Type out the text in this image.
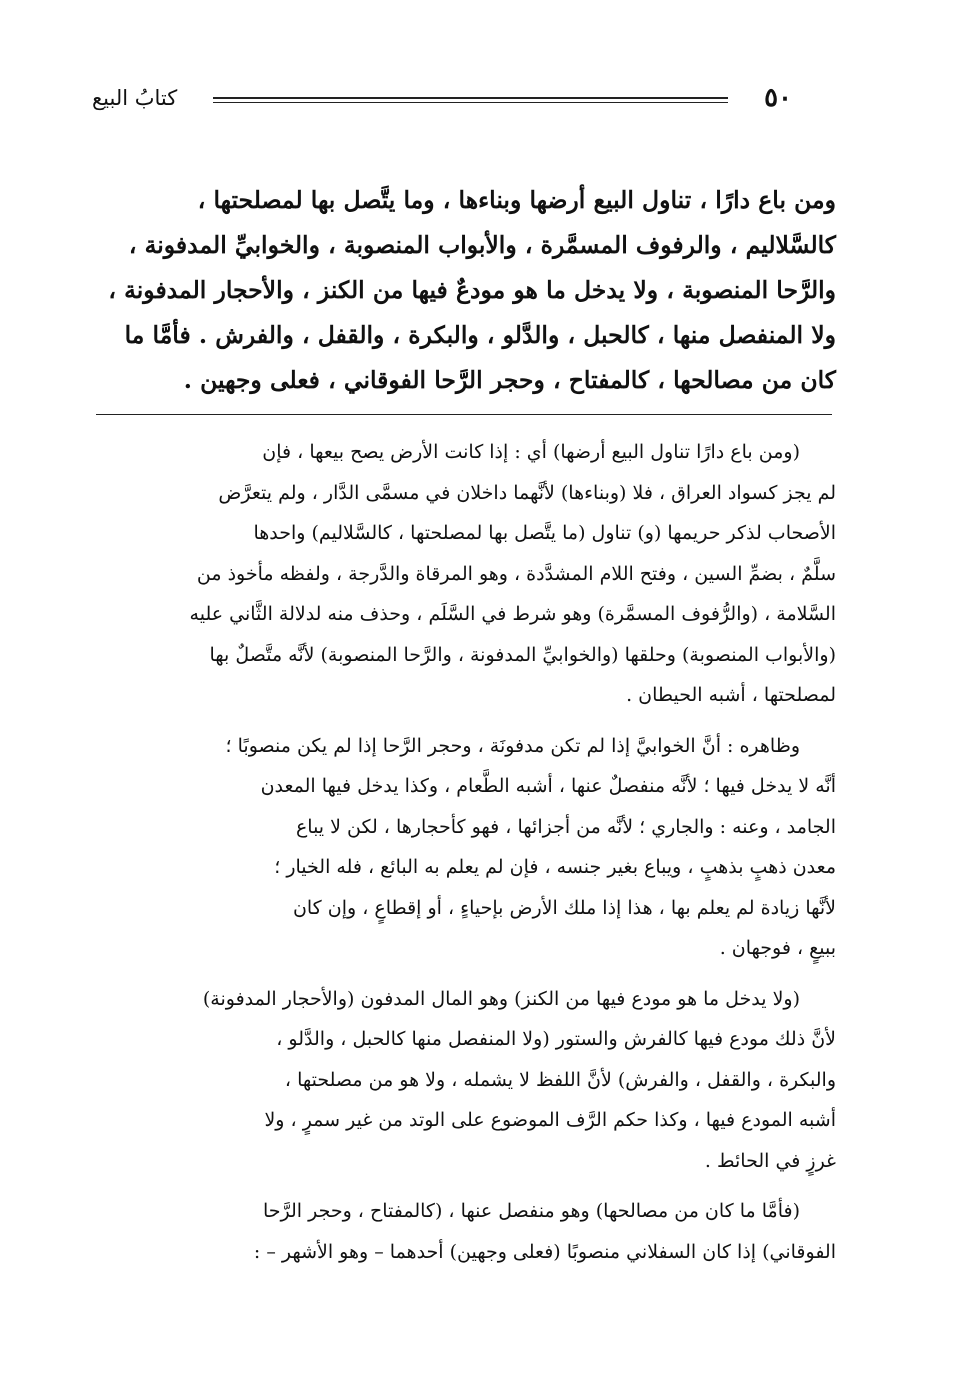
٥٠
كتابُ البيع
ومن باع دارًا ، تناول البيع أرضها وبناءها ، وما يتَّصل بها لمصلحتها ،
كالسَّلاليم ، والرفوف المسمَّرة ، والأبواب المنصوبة ، والخوابيِّ المدفونة ،
والرَّحا المنصوبة ، ولا يدخل ما هو مودعٌ فيها من الكنز ، والأحجار المدفونة ،
ولا المنفصل منها ، كالحبل ، والدَّلو ، والبكرة ، والقفل ، والفرش . فأمَّا ما
كان من مصالحها ، كالمفتاح ، وحجر الرَّحا الفوقاني ، فعلى وجهين .
(ومن باع دارًا تناول البيع أرضها) أي : إذا كانت الأرض يصح بيعها ، فإن
لم يجز كسواد العراق ، فلا (وبناءها) لأنَّهما داخلان في مسمَّى الدَّار ، ولم يتعرَّض
الأصحاب لذكر حريمها (و) تناول (ما يتَّصل بها لمصلحتها ، كالسَّلاليم) واحدها
سلَّمٌ ، بضمِّ السين ، وفتح اللام المشدَّدة ، وهو المرقاة والدَّرجة ، ولفظه مأخوذ من
السَّلامة ، (والرُّفوف المسمَّرة) وهو شرط في السَّلَم ، وحذف منه لدلالة الثَّاني عليه
(والأبواب المنصوبة) وحلقها (والخوابيِّ المدفونة ، والرَّحا المنصوبة) لأنَّه متَّصلٌ بها
لمصلحتها ، أشبه الحيطان .
وظاهره : أنَّ الخوابيَّ إذا لم تكن مدفونَة ، وحجر الرَّحا إذا لم يكن منصوبًا ؛
أنَّه لا يدخل فيها ؛ لأنَّه منفصلٌ عنها ، أشبه الطَّعام ، وكذا يدخل فيها المعدن
الجامد ، وعنه : والجاري ؛ لأنَّه من أجزائها ، فهو كأحجارها ، لكن لا يباع
معدن ذهبٍ بذهبٍ ، ويباع بغير جنسه ، فإن لم يعلم به البائع ، فله الخيار ؛
لأنَّها زيادة لم يعلم بها ، هذا إذا ملك الأرض بإحياءٍ ، أو إقطاعٍ ، وإن كان
ببيعٍ ، فوجهان .
(ولا يدخل ما هو مودع فيها من الكنز) وهو المال المدفون (والأحجار المدفونة)
لأنَّ ذلك مودع فيها كالفرش والستور (ولا المنفصل منها كالحبل ، والدَّلو ،
والبكرة ، والقفل ، والفرش) لأنَّ اللفظ لا يشمله ، ولا هو من مصلحتها ،
أشبه المودع فيها ، وكذا حكم الرَّف الموضوع على الوتد من غير سمرٍ ، ولا
غرزٍ في الحائط .
(فأمَّا ما كان من مصالحها) وهو منفصل عنها ، (كالمفتاح ، وحجر الرَّحا
الفوقاني) إذا كان السفلاني منصوبًا (فعلى وجهين) أحدهما – وهو الأشهر – :
